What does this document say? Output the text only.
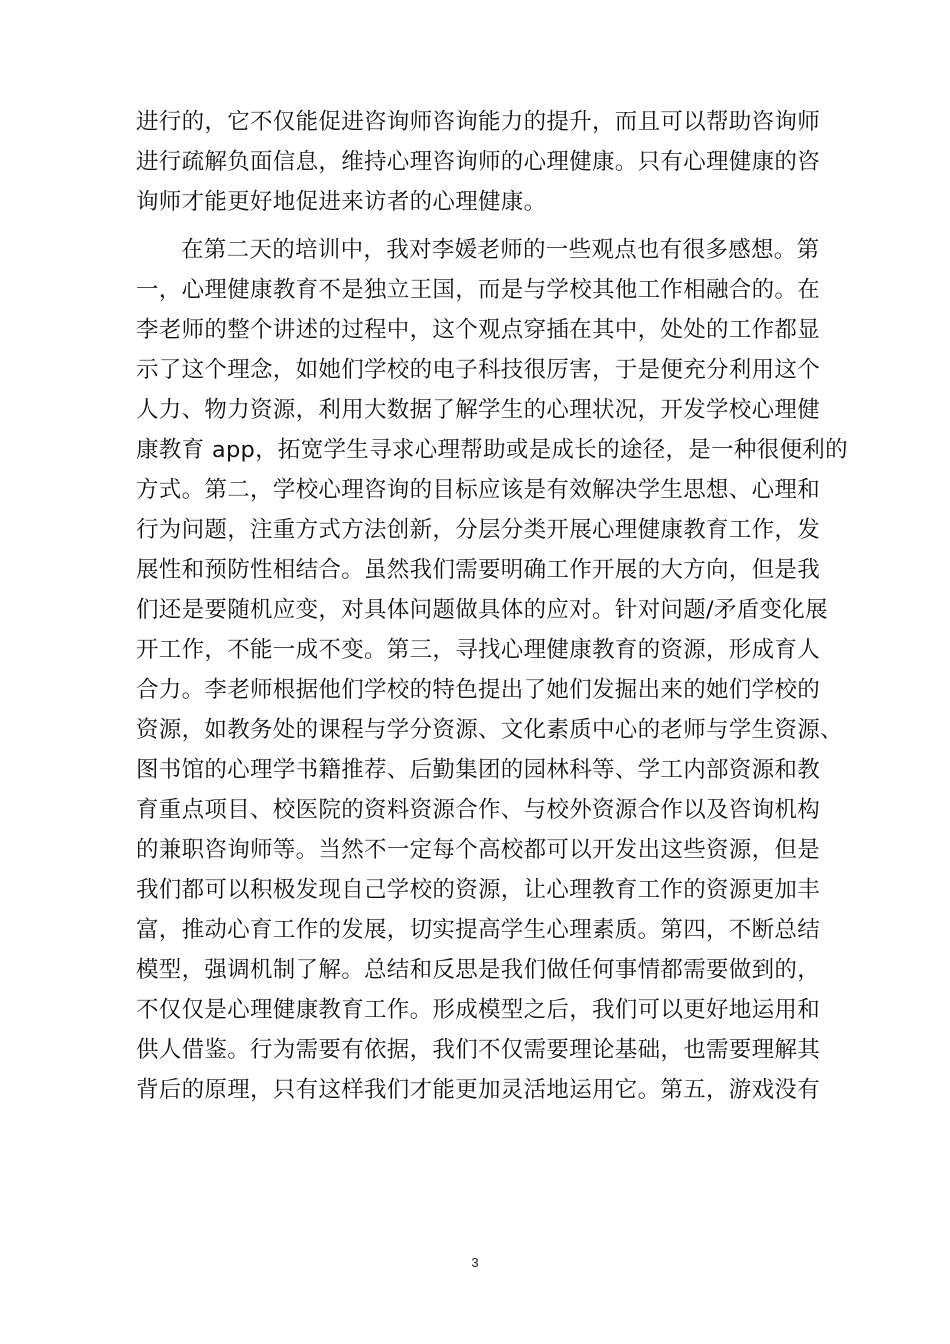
进行的，它不仅能促进咨询师咨询能力的提升，而且可以帮助咨询师
进行疏解负面信息，维持心理咨询师的心理健康。只有心理健康的咨
询师才能更好地促进来访者的心理健康。
在第二天的培训中，我对李媛老师的一些观点也有很多感想。第
一，心理健康教育不是独立王国，而是与学校其他工作相融合的。在
李老师的整个讲述的过程中，这个观点穿插在其中，处处的工作都显
示了这个理念，如她们学校的电子科技很厉害，于是便充分利用这个
人力、物力资源，利用大数据了解学生的心理状况，开发学校心理健
康教育 app，拓宽学生寻求心理帮助或是成长的途径，是一种很便利的
方式。第二，学校心理咨询的目标应该是有效解决学生思想、心理和
行为问题，注重方式方法创新，分层分类开展心理健康教育工作，发
展性和预防性相结合。虽然我们需要明确工作开展的大方向，但是我
们还是要随机应变，对具体问题做具体的应对。针对问题/矛盾变化展
开工作，不能一成不变。第三，寻找心理健康教育的资源，形成育人
合力。李老师根据他们学校的特色提出了她们发掘出来的她们学校的
资源，如教务处的课程与学分资源、文化素质中心的老师与学生资源、
图书馆的心理学书籍推荐、后勤集团的园林科等、学工内部资源和教
育重点项目、校医院的资料资源合作、与校外资源合作以及咨询机构
的兼职咨询师等。当然不一定每个高校都可以开发出这些资源，但是
我们都可以积极发现自己学校的资源，让心理教育工作的资源更加丰
富，推动心育工作的发展，切实提高学生心理素质。第四，不断总结
模型，强调机制了解。总结和反思是我们做任何事情都需要做到的，
不仅仅是心理健康教育工作。形成模型之后，我们可以更好地运用和
供人借鉴。行为需要有依据，我们不仅需要理论基础，也需要理解其
背后的原理，只有这样我们才能更加灵活地运用它。第五，游戏没有
3
